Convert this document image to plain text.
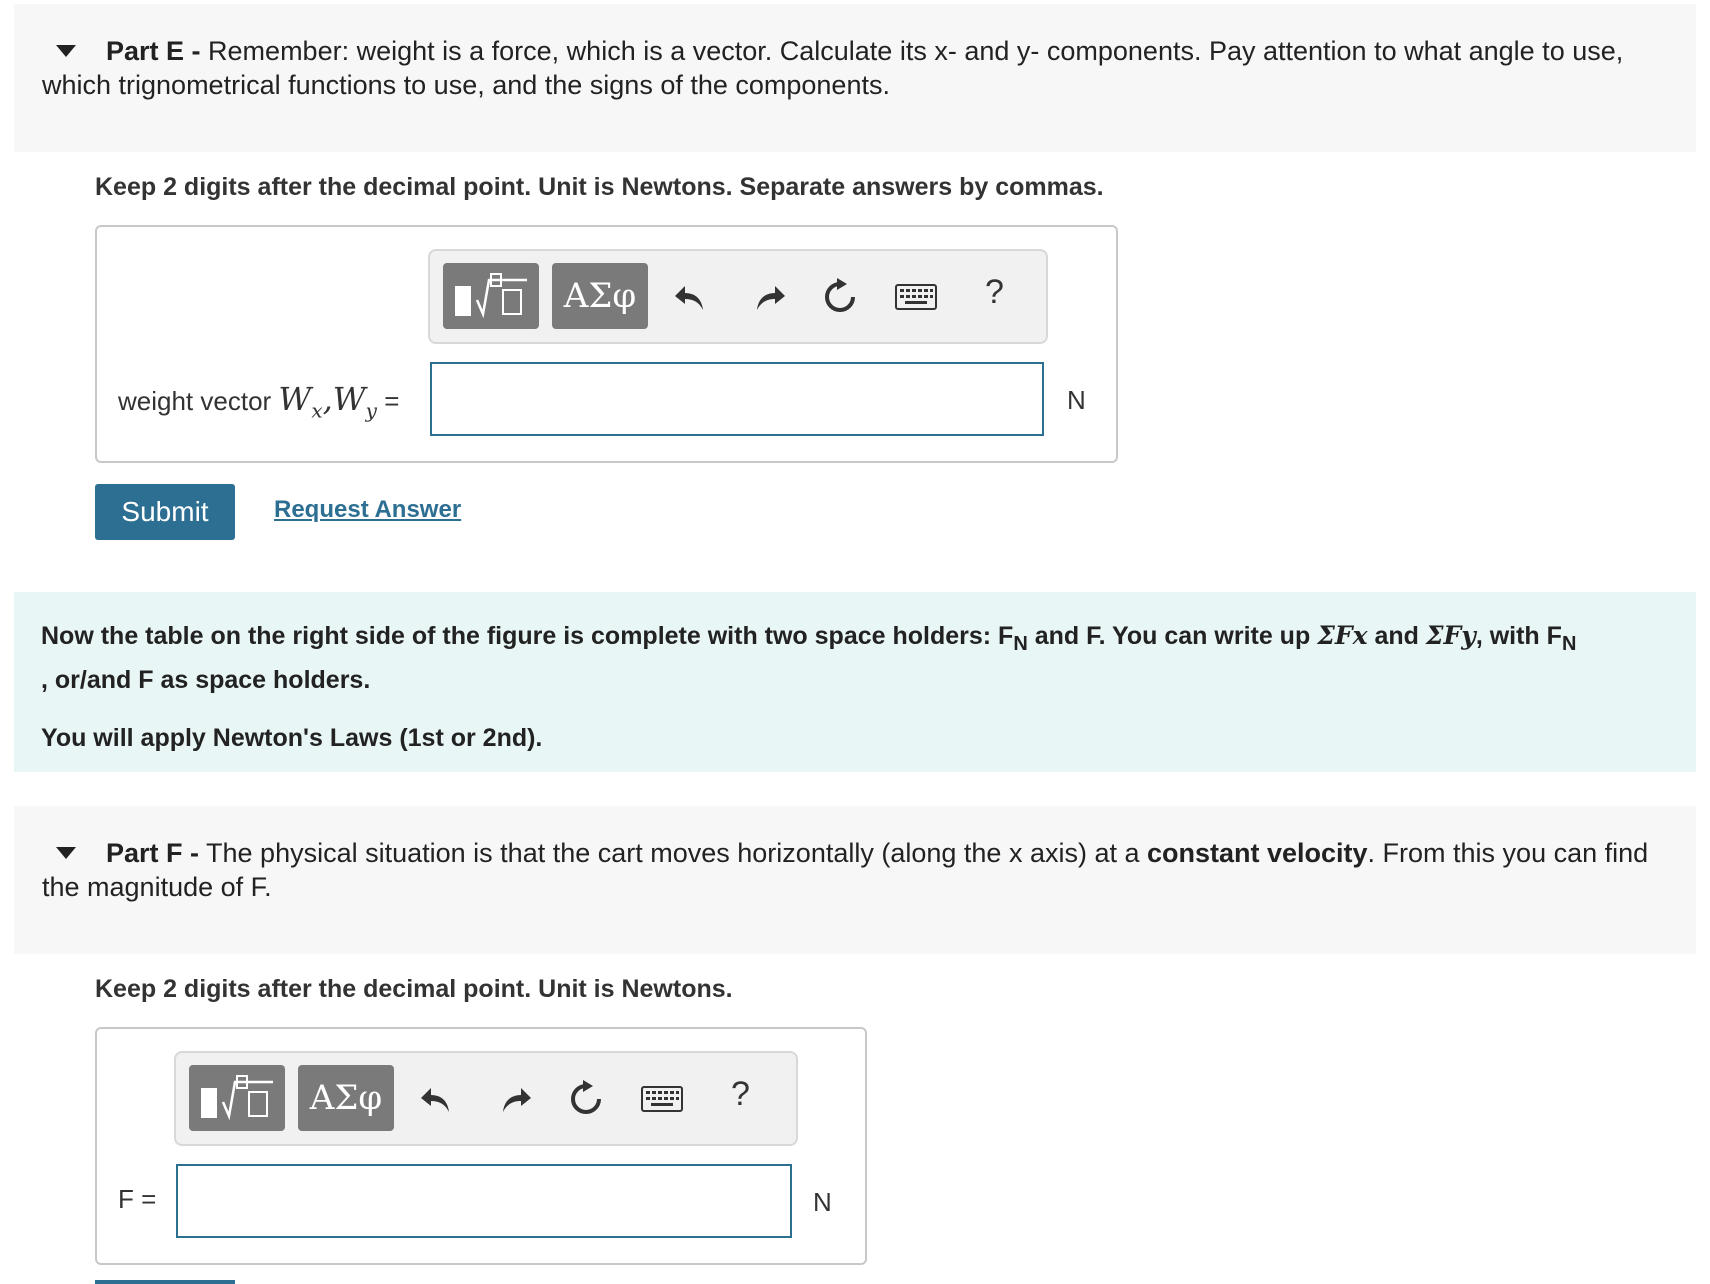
Part E - Remember: weight is a force, which is a vector. Calculate its x- and y- components. Pay attention to what angle to use, which trignometrical functions to use, and the signs of the components.
Keep 2 digits after the decimal point. Unit is Newtons. Separate answers by commas.
ΑΣφ	?
weight vector $W_x,W_y$ =	N
Submit	Request Answer

Now the table on the right side of the figure is complete with two space holders: $F_N$ and F. You can write up ΣFx and ΣFy, with $F_N$

, or/and F as space holders.

You will apply Newton's Laws (1st or 2nd).

Part F - The physical situation is that the cart moves horizontally (along the x axis) at a constant velocity. From this you can find the magnitude of F.
Keep 2 digits after the decimal point. Unit is Newtons.
ΑΣφ	?
F =	N
